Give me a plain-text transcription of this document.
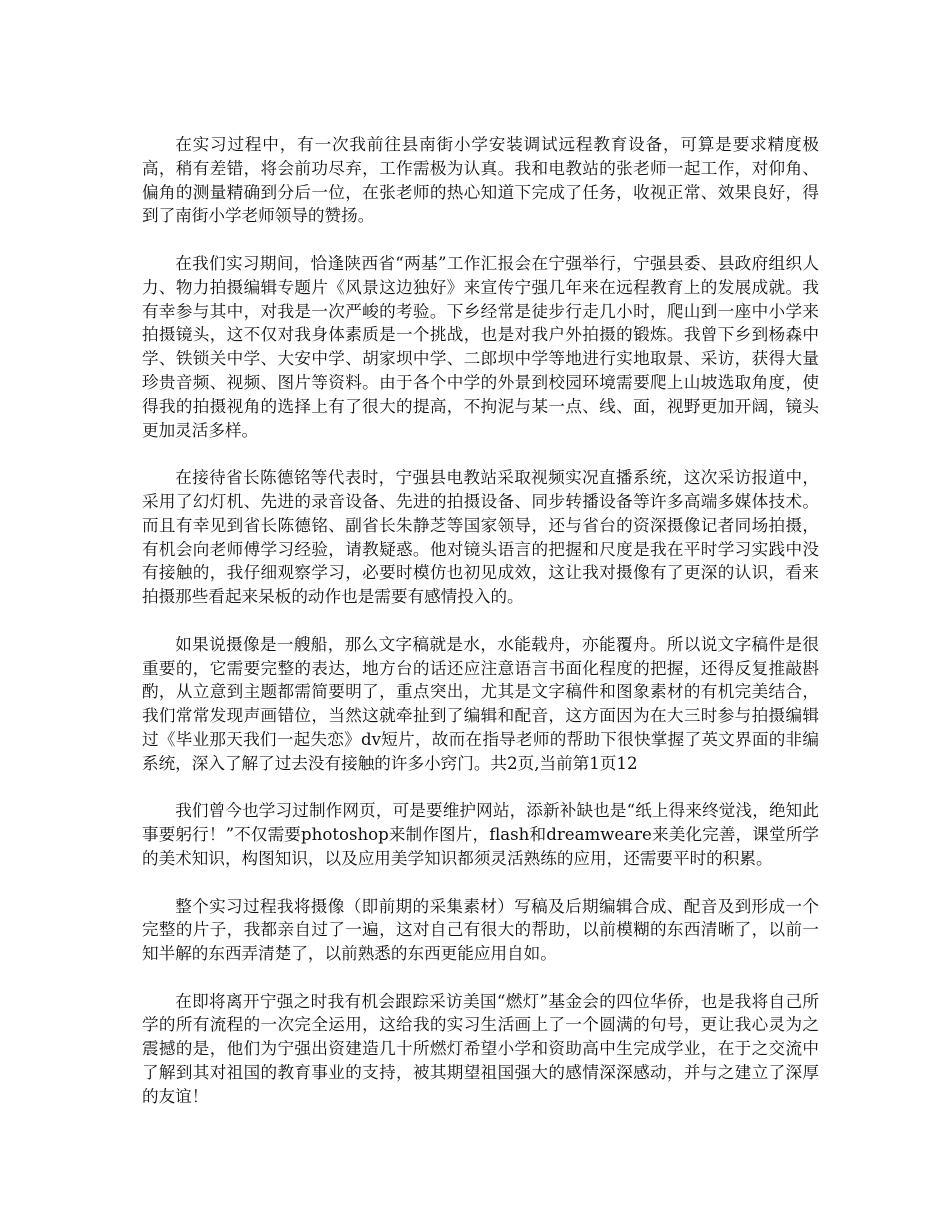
在实习过程中，有一次我前往县南街小学安装调试远程教育设备，可算是要求精度极高，稍有差错，将会前功尽弃，工作需极为认真。我和电教站的张老师一起工作，对仰角、偏角的测量精确到分后一位，在张老师的热心知道下完成了任务，收视正常、效果良好，得到了南街小学老师领导的赞扬。

在我们实习期间，恰逢陕西省“两基”工作汇报会在宁强举行，宁强县委、县政府组织人力、物力拍摄编辑专题片《风景这边独好》来宣传宁强几年来在远程教育上的发展成就。我有幸参与其中，对我是一次严峻的考验。下乡经常是徒步行走几小时，爬山到一座中小学来拍摄镜头，这不仅对我身体素质是一个挑战，也是对我户外拍摄的锻炼。我曾下乡到杨森中学、铁锁关中学、大安中学、胡家坝中学、二郎坝中学等地进行实地取景、采访，获得大量珍贵音频、视频、图片等资料。由于各个中学的外景到校园环境需要爬上山坡选取角度，使得我的拍摄视角的选择上有了很大的提高，不拘泥与某一点、线、面，视野更加开阔，镜头更加灵活多样。

在接待省长陈德铭等代表时，宁强县电教站采取视频实况直播系统，这次采访报道中，采用了幻灯机、先进的录音设备、先进的拍摄设备、同步转播设备等许多高端多媒体技术。而且有幸见到省长陈德铭、副省长朱静芝等国家领导，还与省台的资深摄像记者同场拍摄，有机会向老师傅学习经验，请教疑惑。他对镜头语言的把握和尺度是我在平时学习实践中没有接触的，我仔细观察学习，必要时模仿也初见成效，这让我对摄像有了更深的认识，看来拍摄那些看起来呆板的动作也是需要有感情投入的。

如果说摄像是一艘船，那么文字稿就是水，水能载舟，亦能覆舟。所以说文字稿件是很重要的，它需要完整的表达，地方台的话还应注意语言书面化程度的把握，还得反复推敲斟酌，从立意到主题都需简要明了，重点突出，尤其是文字稿件和图象素材的有机完美结合，我们常常发现声画错位，当然这就牵扯到了编辑和配音，这方面因为在大三时参与拍摄编辑过《毕业那天我们一起失恋》dv短片，故而在指导老师的帮助下很快掌握了英文界面的非编系统，深入了解了过去没有接触的许多小窍门。共2页,当前第1页12

我们曾今也学习过制作网页，可是要维护网站，添新补缺也是“纸上得来终觉浅，绝知此事要躬行！”不仅需要photoshop来制作图片，flash和dreamweare来美化完善，课堂所学的美术知识，构图知识，以及应用美学知识都须灵活熟练的应用，还需要平时的积累。

整个实习过程我将摄像（即前期的采集素材）写稿及后期编辑合成、配音及到形成一个完整的片子，我都亲自过了一遍，这对自己有很大的帮助，以前模糊的东西清晰了，以前一知半解的东西弄清楚了，以前熟悉的东西更能应用自如。

在即将离开宁强之时我有机会跟踪采访美国“燃灯”基金会的四位华侨，也是我将自己所学的所有流程的一次完全运用，这给我的实习生活画上了一个圆满的句号，更让我心灵为之震撼的是，他们为宁强出资建造几十所燃灯希望小学和资助高中生完成学业，在于之交流中了解到其对祖国的教育事业的支持，被其期望祖国强大的感情深深感动，并与之建立了深厚的友谊！
